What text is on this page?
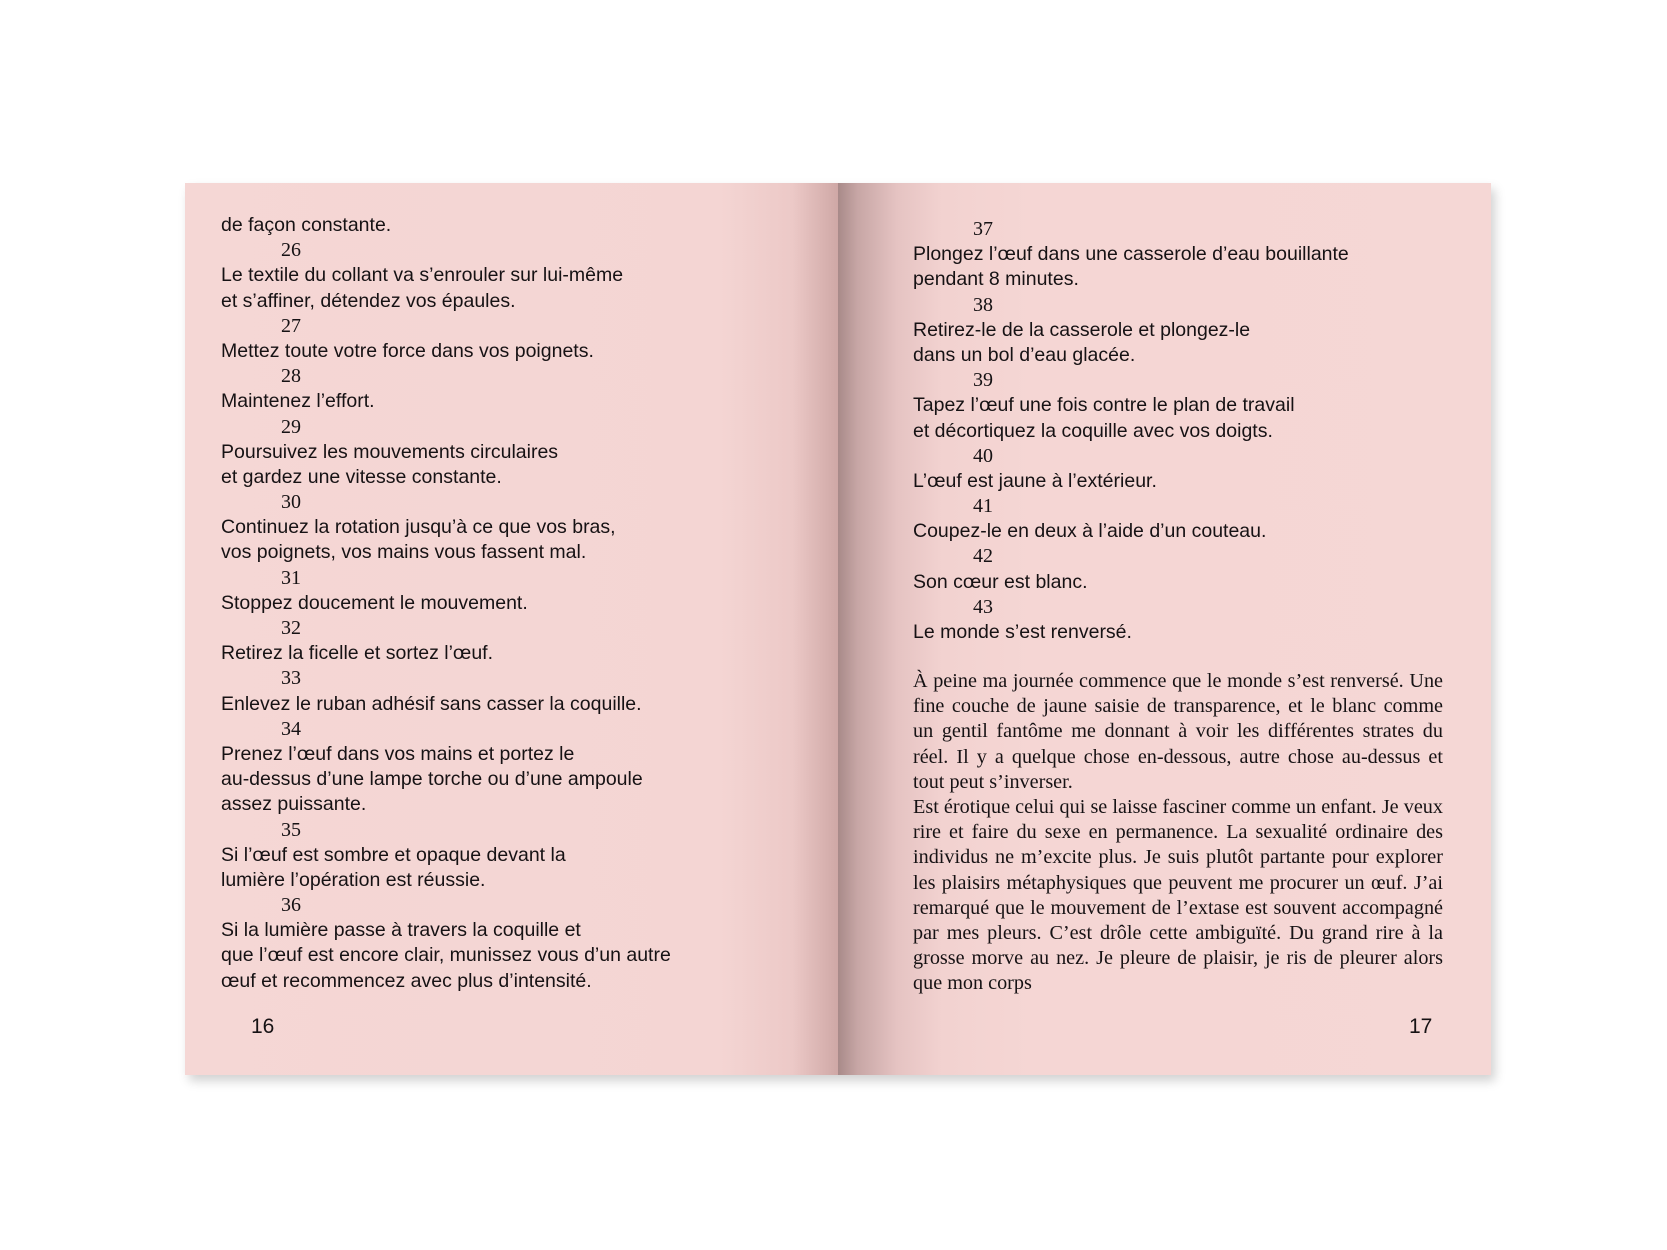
de façon constante.
26
Le textile du collant va s’enrouler sur lui-même
et s’affiner, détendez vos épaules.
27
Mettez toute votre force dans vos poignets.
28
Maintenez l’effort.
29
Poursuivez les mouvements circulaires
et gardez une vitesse constante.
30
Continuez la rotation jusqu’à ce que vos bras,
vos poignets, vos mains vous fassent mal.
31
Stoppez doucement le mouvement.
32
Retirez la ficelle et sortez l’œuf.
33
Enlevez le ruban adhésif sans casser la coquille.
34
Prenez l’œuf dans vos mains et portez le
au-dessus d’une lampe torche ou d’une ampoule
assez puissante.
35
Si l’œuf est sombre et opaque devant la
lumière l’opération est réussie.
36
Si la lumière passe à travers la coquille et
que l’œuf est encore clair, munissez vous d’un autre
œuf et recommencez avec plus d’intensité.
16
37
Plongez l’œuf dans une casserole d’eau bouillante
pendant 8 minutes.
38
Retirez-le de la casserole et plongez-le
dans un bol d’eau glacée.
39
Tapez l’œuf une fois contre le plan de travail
et décortiquez la coquille avec vos doigts.
40
L’œuf est jaune à l’extérieur.
41
Coupez-le en deux à l’aide d’un couteau.
42
Son cœur est blanc.
43
Le monde s’est renversé.

À peine ma journée commence que le monde s’est renversé. Une fine couche de jaune saisie de transparence, et le blanc comme un gentil fantôme me donnant à voir les différentes strates du réel. Il y a quelque chose en-dessous, autre chose au-dessus et tout peut s’inverser.

Est érotique celui qui se laisse fasciner comme un enfant. Je veux rire et faire du sexe en permanence. La sexualité ordinaire des individus ne m’excite plus. Je suis plutôt partante pour explorer les plaisirs métaphysiques que peuvent me procurer un œuf. J’ai remarqué que le mouvement de l’extase est souvent accompagné par mes pleurs. C’est drôle cette ambiguïté. Du grand rire à la grosse morve au nez. Je pleure de plaisir, je ris de pleurer alors que mon corps

17
